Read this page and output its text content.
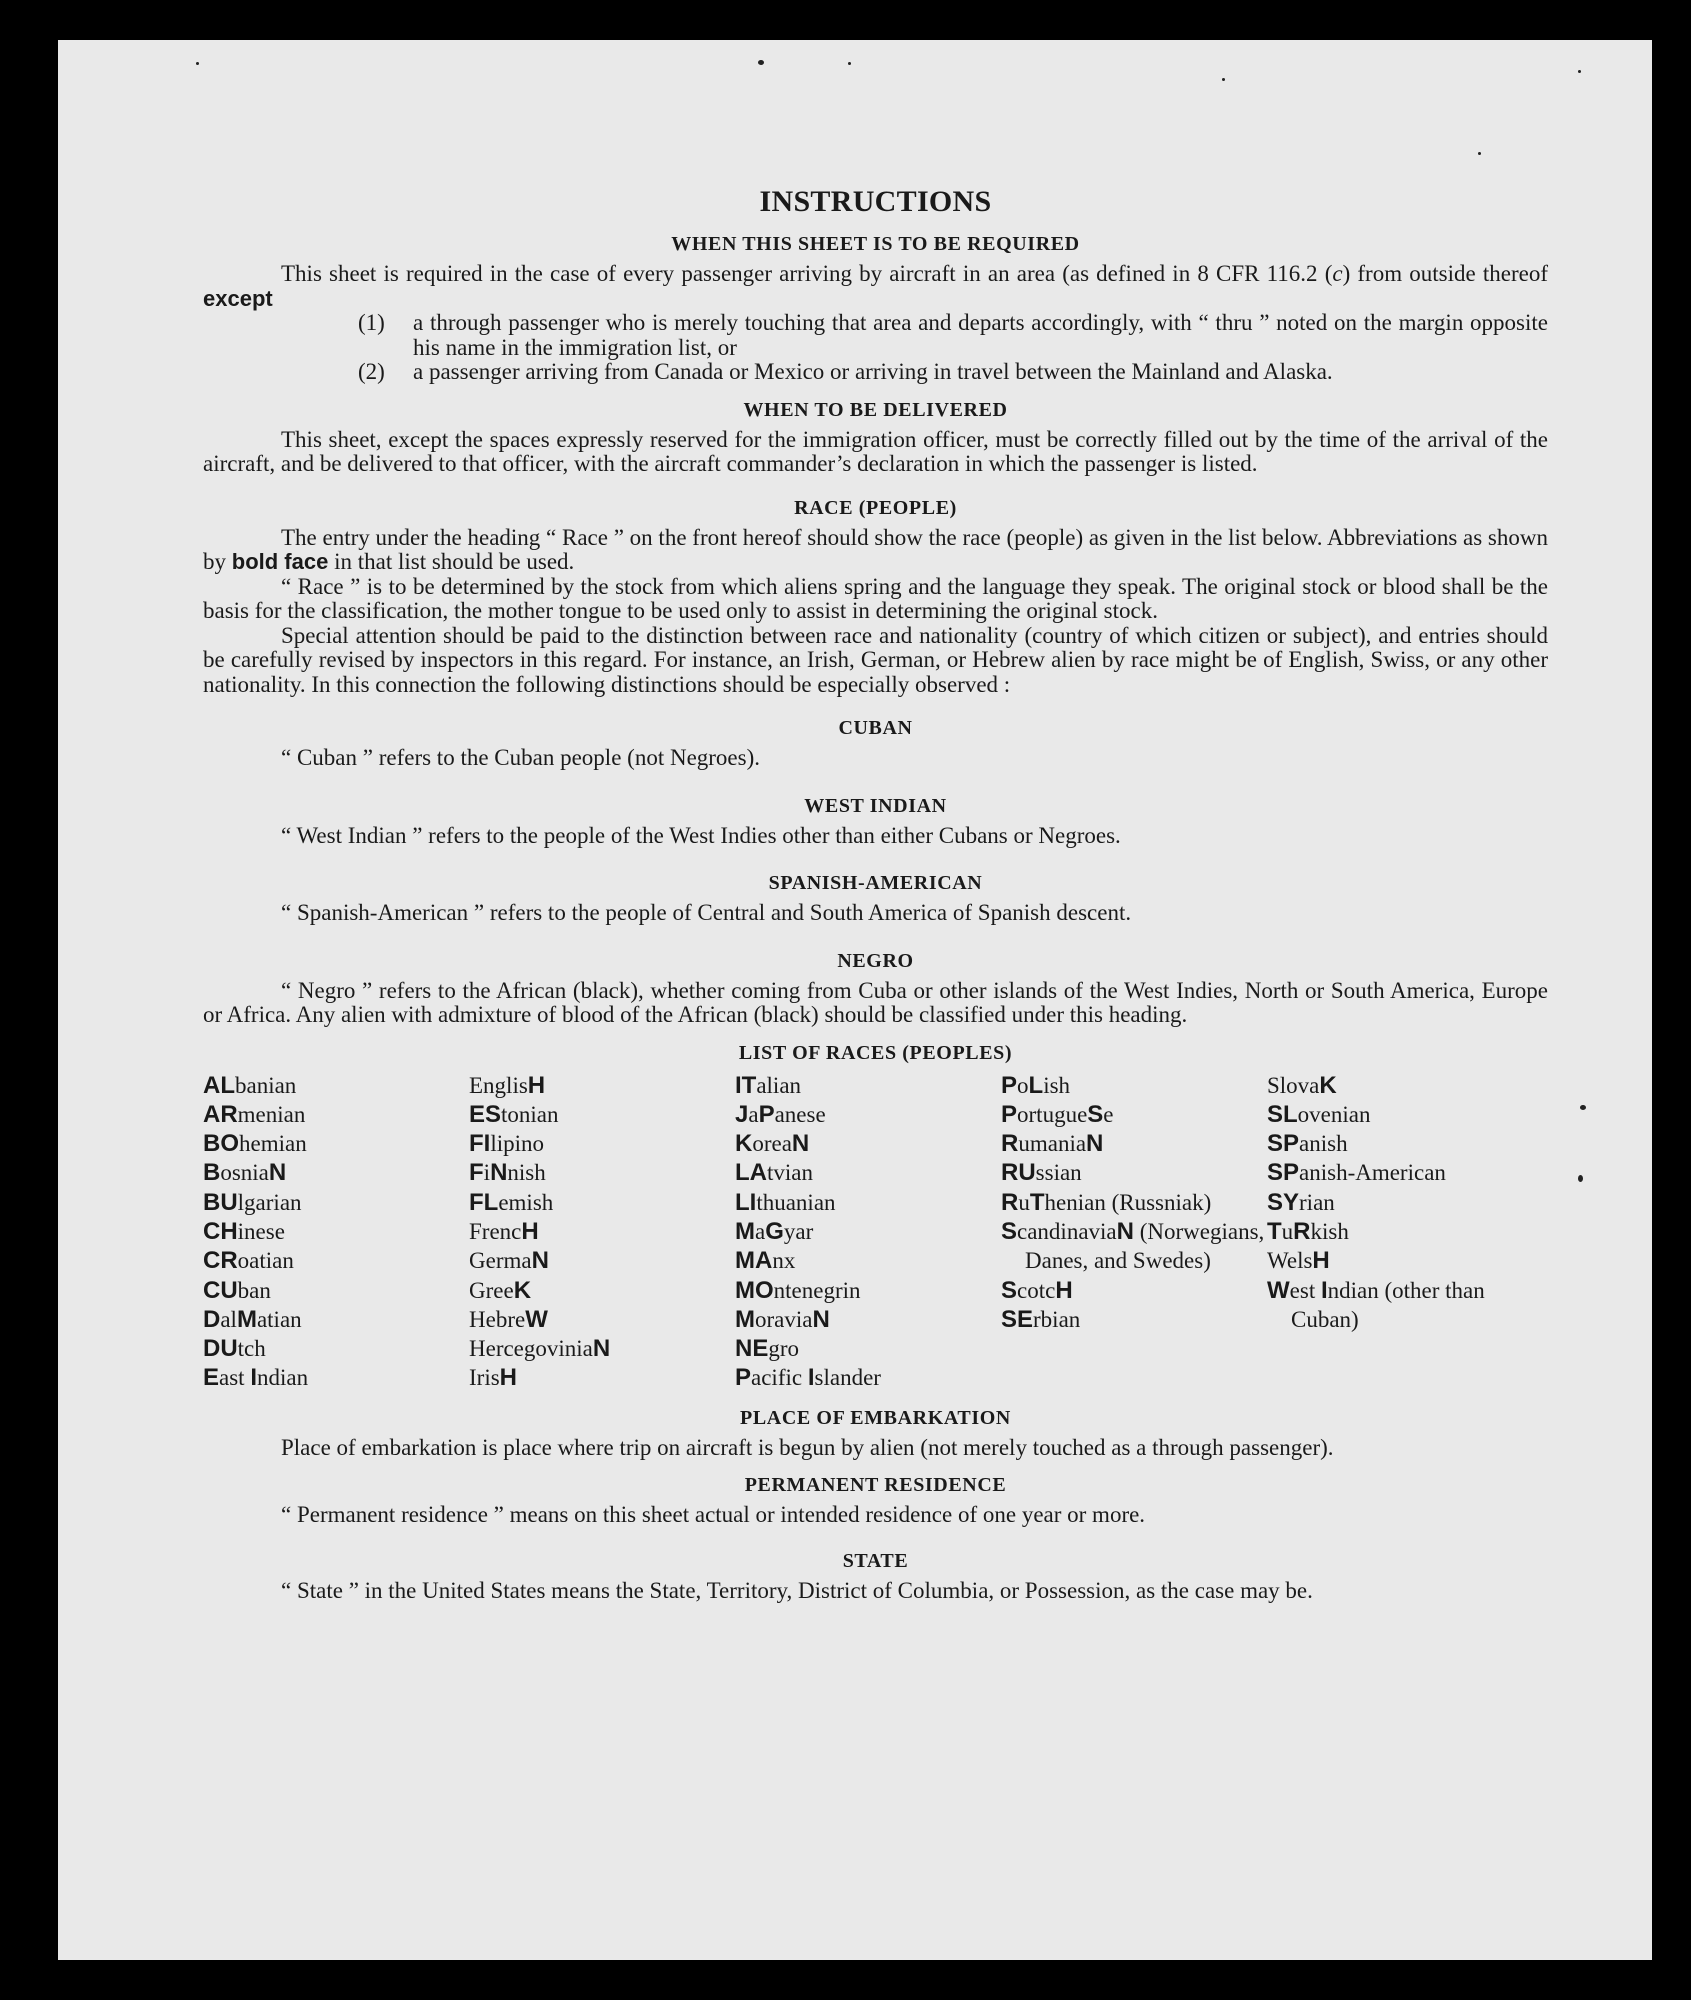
INSTRUCTIONS
WHEN THIS SHEET IS TO BE REQUIRED

This sheet is required in the case of every passenger arriving by aircraft in an area (as defined in 8 CFR 116.2 (c) from outside thereof except

(1)	a through passenger who is merely touching that area and departs accordingly, with “ thru ” noted on the margin opposite his name in the immigration list, or
(2)	a passenger arriving from Canada or Mexico or arriving in travel between the Mainland and Alaska.
WHEN TO BE DELIVERED

This sheet, except the spaces expressly reserved for the immigration officer, must be correctly filled out by the time of the arrival of the aircraft, and be delivered to that officer, with the aircraft commander’s declaration in which the passenger is listed.

RACE (PEOPLE)

The entry under the heading “ Race ” on the front hereof should show the race (people) as given in the list below. Abbreviations as shown by bold face in that list should be used.

“ Race ” is to be determined by the stock from which aliens spring and the language they speak. The original stock or blood shall be the basis for the classification, the mother tongue to be used only to assist in determining the original stock.

Special attention should be paid to the distinction between race and nationality (country of which citizen or subject), and entries should be carefully revised by inspectors in this regard. For instance, an Irish, German, or Hebrew alien by race might be of English, Swiss, or any other nationality. In this connection the following distinctions should be especially observed :

CUBAN

“ Cuban ” refers to the Cuban people (not Negroes).

WEST INDIAN

“ West Indian ” refers to the people of the West Indies other than either Cubans or Negroes.

SPANISH-AMERICAN

“ Spanish-American ” refers to the people of Central and South America of Spanish descent.

NEGRO

“ Negro ” refers to the African (black), whether coming from Cuba or other islands of the West Indies, North or South America, Europe or Africa. Any alien with admixture of blood of the African (black) should be classified under this heading.

LIST OF RACES (PEOPLES)
ALbanian
ARmenian
BOhemian
BosniaN
BUlgarian
CHinese
CRoatian
CUban
DalMatian
DUtch
East Indian
EnglisH
EStonian
FIlipino
FiNnish
FLemish
FrencH
GermaN
GreeK
HebreW
HercegoviniaN
IrisH
ITalian
JaPanese
KoreaN
LAtvian
LIthuanian
MaGyar
MAnx
MOntenegrin
MoraviaN
NEgro
Pacific Islander
PoLish
PortugueSe
RumaniaN
RUssian
RuThenian (Russniak)
ScandinaviaN (Norwegians, Danes, and Swedes)
ScotcH
SErbian
SlovaK
SLovenian
SPanish
SPanish-American
SYrian
TuRkish
WelsH
West Indian (other than Cuban)
PLACE OF EMBARKATION

Place of embarkation is place where trip on aircraft is begun by alien (not merely touched as a through passenger).

PERMANENT RESIDENCE

“ Permanent residence ” means on this sheet actual or intended residence of one year or more.

STATE

“ State ” in the United States means the State, Territory, District of Columbia, or Possession, as the case may be.
